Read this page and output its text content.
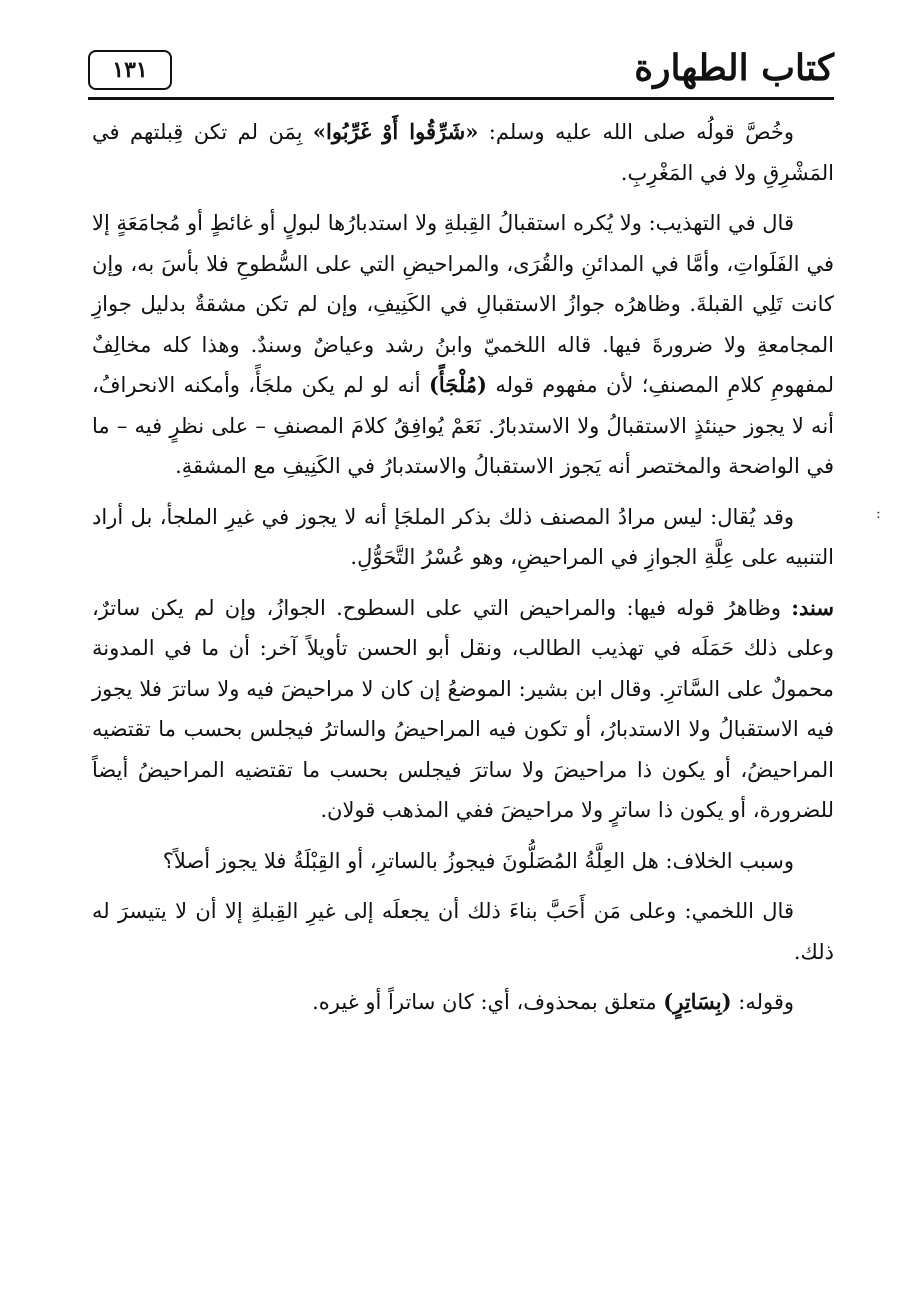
١٣١	كتاب الطهارة
:

وخُصَّ قولُه صلى الله عليه وسلم: «شَرِّقُوا أَوْ غَرِّبُوا» بِمَن لم تكن قِبلتهم في المَشْرِقِ ولا في المَغْرِبِ.

قال في التهذيب: ولا يُكره استقبالُ القِبلةِ ولا استدبارُها لبولٍ أو غائطٍ أو مُجامَعَةٍ إلا في الفَلَواتِ، وأمَّا في المدائنِ والقُرَى، والمراحيضِ التي على السُّطوحِ فلا بأسَ به، وإن كانت تَلِي القبلةَ. وظاهرُه جوازُ الاستقبالِ في الكَنِيفِ، وإن لم تكن مشقةٌ بدليل جوازِ المجامعةِ ولا ضرورةَ فيها. قاله اللخميّ وابنُ رشد وعياضٌ وسندٌ. وهذا كله مخالِفٌ لمفهومِ كلامِ المصنفِ؛ لأن مفهوم قوله (مُلْجَأً) أنه لو لم يكن ملجَأً، وأمكنه الانحرافُ، أنه لا يجوز حينئذٍ الاستقبالُ ولا الاستدبارُ. نَعَمْ يُوافِقُ كلامَ المصنفِ – على نظرٍ فيه – ما في الواضحة والمختصر أنه يَجوز الاستقبالُ والاستدبارُ في الكَنِيفِ مع المشقةِ.

وقد يُقال: ليس مرادُ المصنف ذلك بذكر الملجَإ أنه لا يجوز في غيرِ الملجأ، بل أراد التنبيه على عِلَّةِ الجوازِ في المراحيضِ، وهو عُسْرُ التَّحَوُّلِ.

سند: وظاهرُ قوله فيها: والمراحيض التي على السطوح. الجوازُ، وإن لم يكن ساترٌ، وعلى ذلك حَمَلَه في تهذيب الطالب، ونقل أبو الحسن تأويلاً آخر: أن ما في المدونة محمولٌ على السَّاترِ. وقال ابن بشير: الموضعُ إن كان لا مراحيضَ فيه ولا ساترَ فلا يجوز فيه الاستقبالُ ولا الاستدبارُ، أو تكون فيه المراحيضُ والساترُ فيجلس بحسب ما تقتضيه المراحيضُ، أو يكون ذا مراحيضَ ولا ساترَ فيجلس بحسب ما تقتضيه المراحيضُ أيضاً للضرورة، أو يكون ذا ساترٍ ولا مراحيضَ ففي المذهب قولان.

وسبب الخلاف: هل العِلَّةُ المُصَلُّونَ فيجوزُ بالساترِ، أو القِبْلَةُ فلا يجوز أصلاً؟

قال اللخمي: وعلى مَن أَحَبَّ بناءَ ذلك أن يجعلَه إلى غيرِ القِبلةِ إلا أن لا يتيسرَ له ذلك.

وقوله: (بِسَاتِرٍ) متعلق بمحذوف، أي: كان ساتراً أو غيره.
